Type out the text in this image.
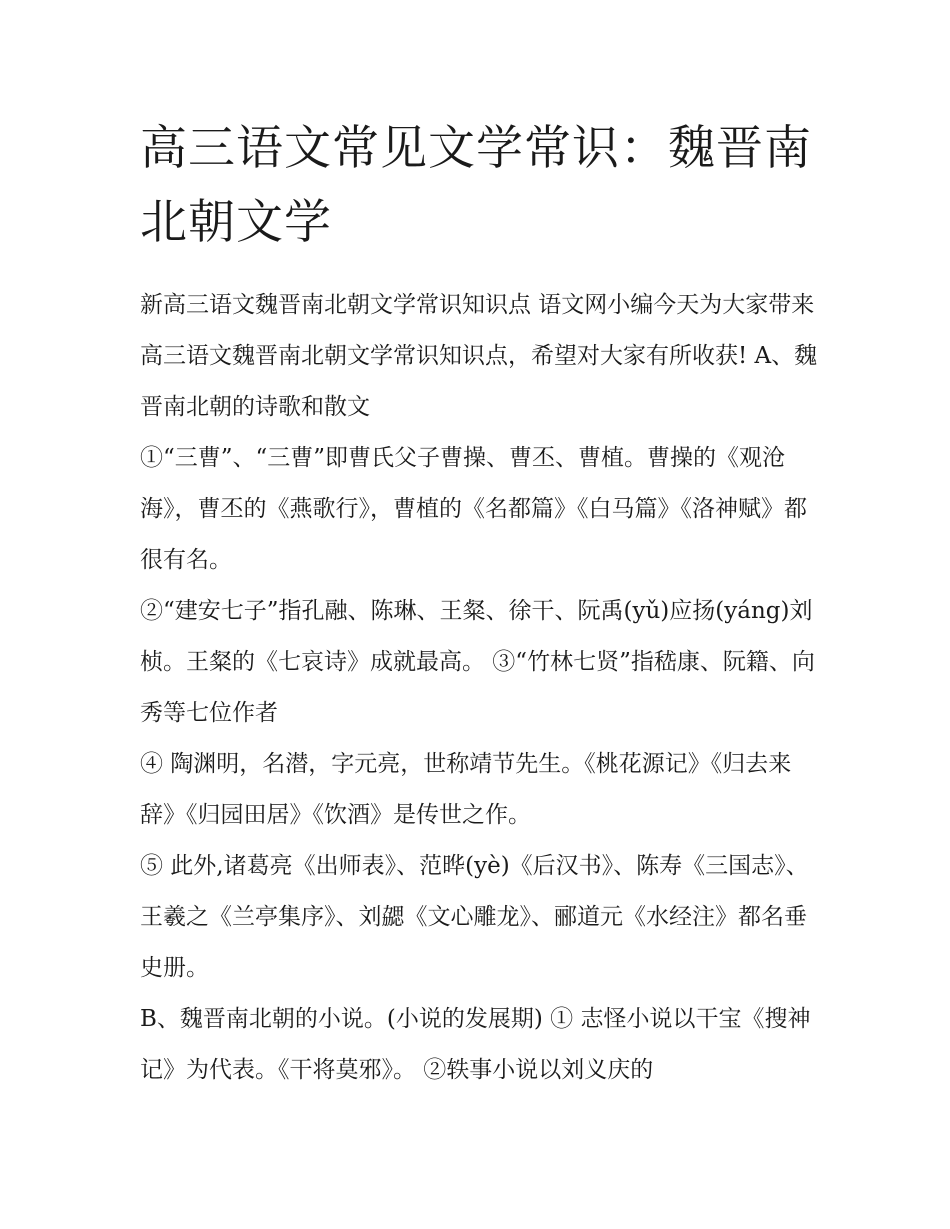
高三语文常见文学常识：魏晋南北朝文学

新高三语文魏晋南北朝文学常识知识点 语文网小编今天为大家带来高三语文魏晋南北朝文学常识知识点，希望对大家有所收获! A、魏晋南北朝的诗歌和散文

①“三曹”、“三曹”即曹氏父子曹操、曹丕、曹植。曹操的《观沧海》，曹丕的《燕歌行》，曹植的《名都篇》《白马篇》《洛神赋》都很有名。

②“建安七子”指孔融、陈琳、王粲、徐干、阮禹(yǔ)应扬(yáng)刘桢。王粲的《七哀诗》成就最高。 ③“竹林七贤”指嵇康、阮籍、向秀等七位作者

④ 陶渊明，名潜，字元亮，世称靖节先生。《桃花源记》《归去来辞》《归园田居》《饮酒》是传世之作。

⑤ 此外,诸葛亮《出师表》、范晔(yè)《后汉书》、陈寿《三国志》、王羲之《兰亭集序》、刘勰《文心雕龙》、郦道元《水经注》都名垂史册。

B、魏晋南北朝的小说。(小说的发展期) ① 志怪小说以干宝《搜神记》为代表。《干将莫邪》。 ②轶事小说以刘义庆的
